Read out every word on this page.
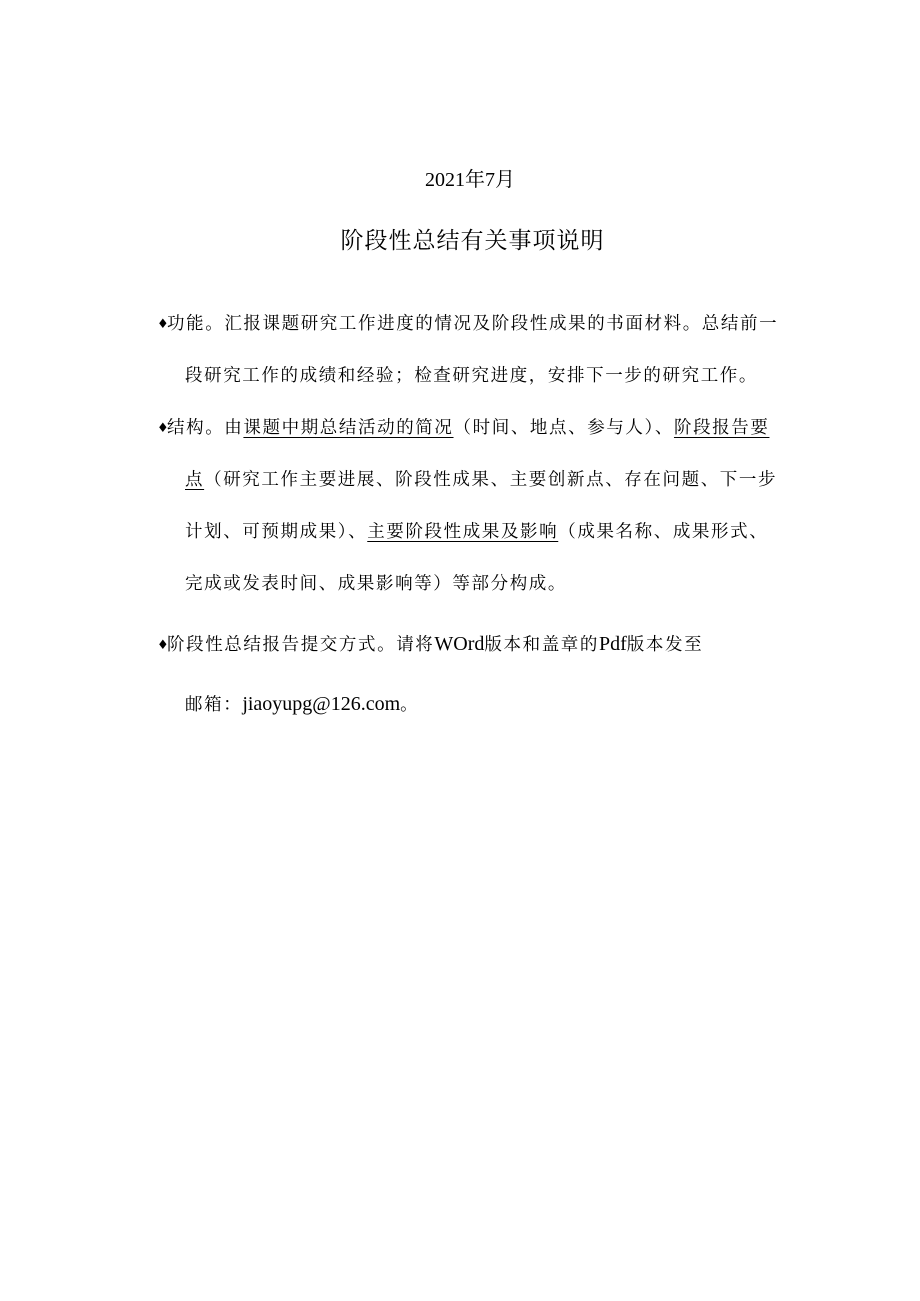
2021年7月
阶段性总结有关事项说明
♦功能。汇报课题研究工作进度的情况及阶段性成果的书面材料。总结前一
段研究工作的成绩和经验；检查研究进度，安排下一步的研究工作。
♦结构。由课题中期总结活动的简况（时间、地点、参与人）、阶段报告要
点（研究工作主要进展、阶段性成果、主要创新点、存在问题、下一步
计划、可预期成果）、主要阶段性成果及影响（成果名称、成果形式、
完成或发表时间、成果影响等）等部分构成。
♦阶段性总结报告提交方式。请将WOrd版本和盖章的Pdf版本发至
邮箱：jiaoyupg@126.com。
